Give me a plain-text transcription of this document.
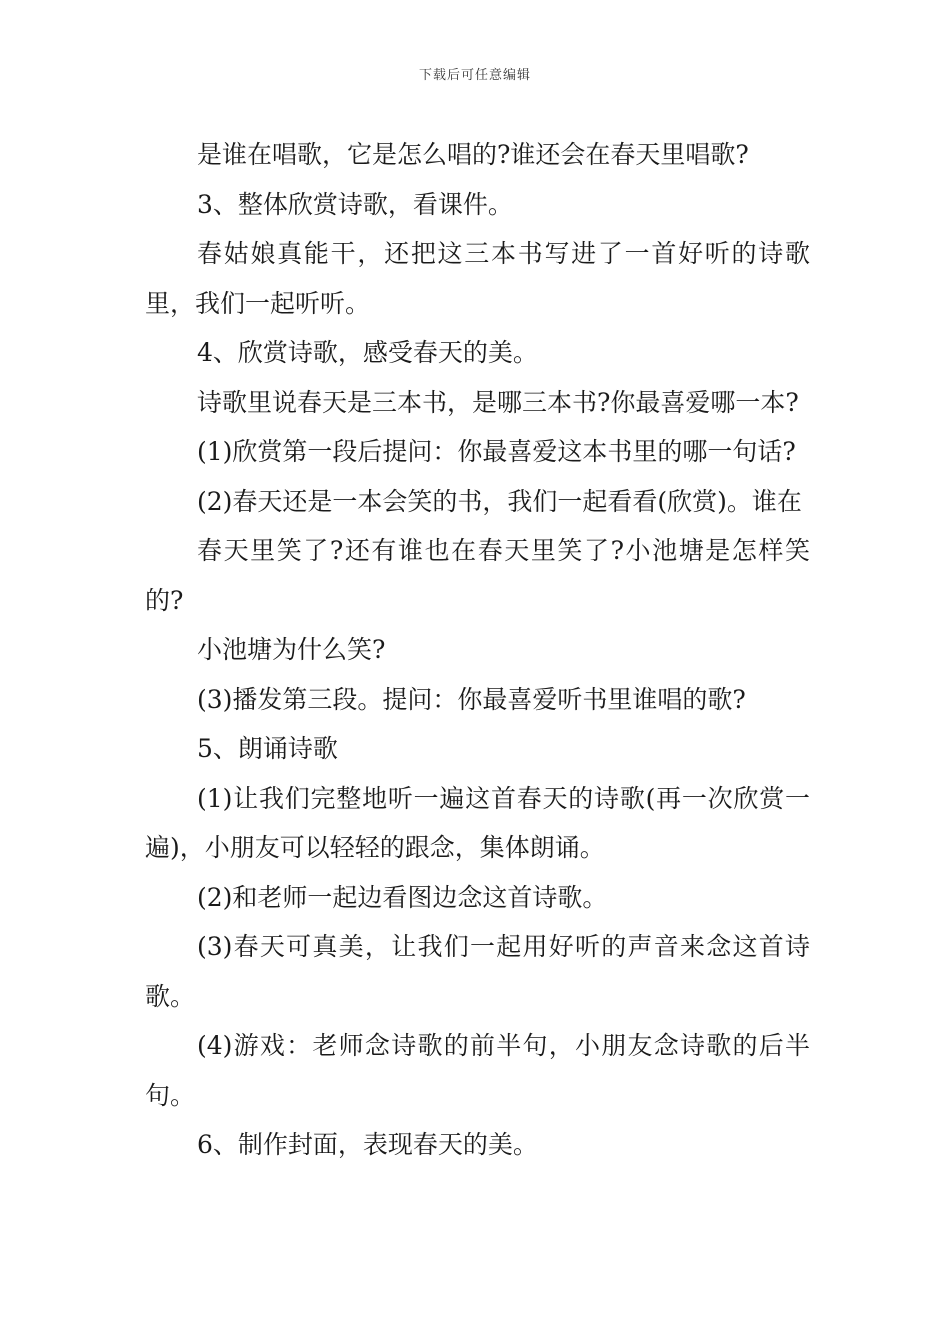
下载后可任意编辑

是谁在唱歌，它是怎么唱的?谁还会在春天里唱歌?

3、整体欣赏诗歌，看课件。

春姑娘真能干，还把这三本书写进了一首好听的诗歌里，我们一起听听。

4、欣赏诗歌，感受春天的美。

诗歌里说春天是三本书，是哪三本书?你最喜爱哪一本?

(1)欣赏第一段后提问：你最喜爱这本书里的哪一句话?

(2)春天还是一本会笑的书，我们一起看看(欣赏)。谁在

春天里笑了?还有谁也在春天里笑了?小池塘是怎样笑的?

小池塘为什么笑?

(3)播发第三段。提问：你最喜爱听书里谁唱的歌?

5、朗诵诗歌

(1)让我们完整地听一遍这首春天的诗歌(再一次欣赏一遍)，小朋友可以轻轻的跟念，集体朗诵。

(2)和老师一起边看图边念这首诗歌。

(3)春天可真美，让我们一起用好听的声音来念这首诗歌。

(4)游戏：老师念诗歌的前半句，小朋友念诗歌的后半句。

6、制作封面，表现春天的美。
